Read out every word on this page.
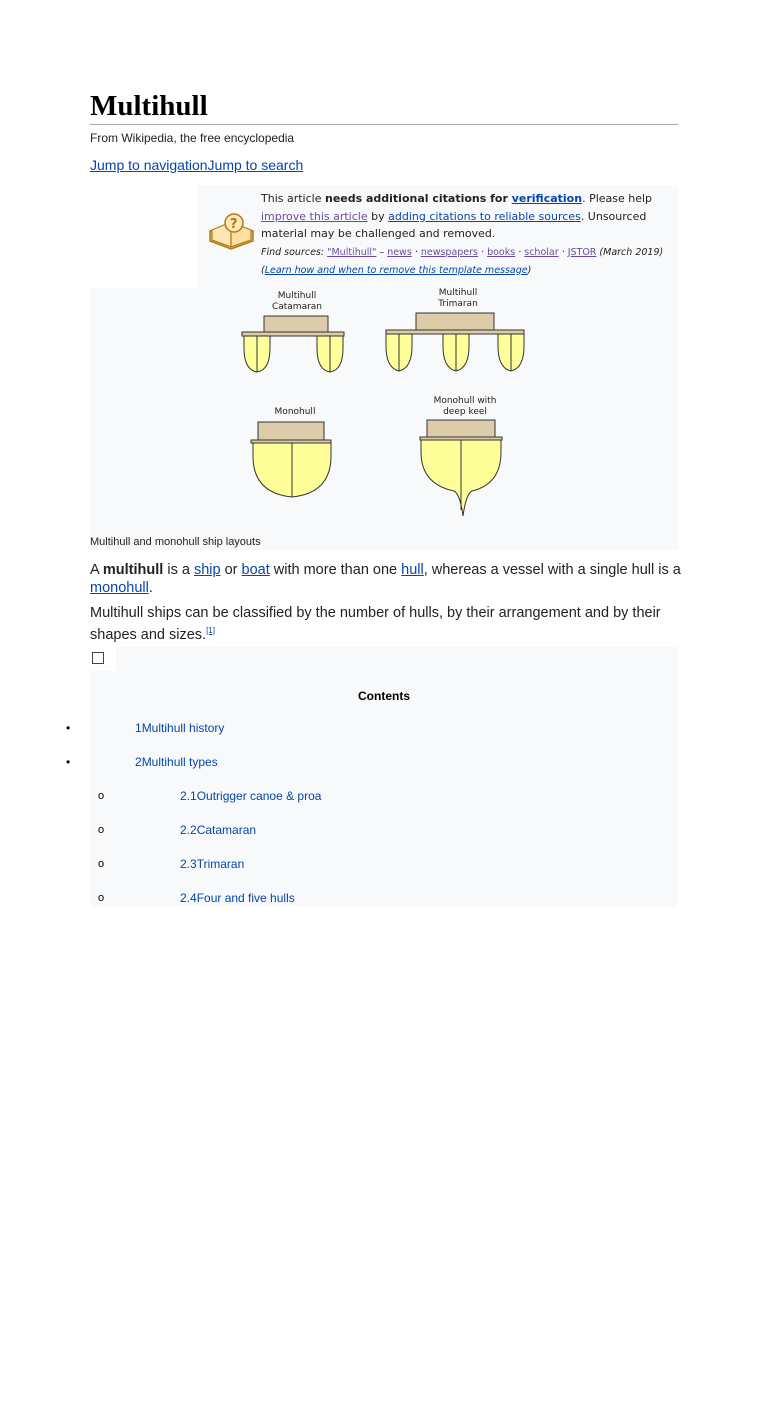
Multihull
From Wikipedia, the free encyclopedia
Jump to navigationJump to search
?
This article needs additional citations for verification. Please help improve this article by adding citations to reliable sources. Unsourced material may be challenged and removed.
Find sources: "Multihull" – news · newspapers · books · scholar · JSTOR (March 2019) (Learn how and when to remove this template message)
Multihull
Catamaran
Multihull
Trimaran
Monohull
Monohull with
deep keel
Multihull and monohull ship layouts
A multihull is a ship or boat with more than one hull, whereas a vessel with a single hull is a monohull.
Multihull ships can be classified by the number of hulls, by their arrangement and by their shapes and sizes.[1]
Contents
1Multihull history
2Multihull types
2.1Outrigger canoe & proa
2.2Catamaran
2.3Trimaran
2.4Four and five hulls
•
•
o
o
o
o
